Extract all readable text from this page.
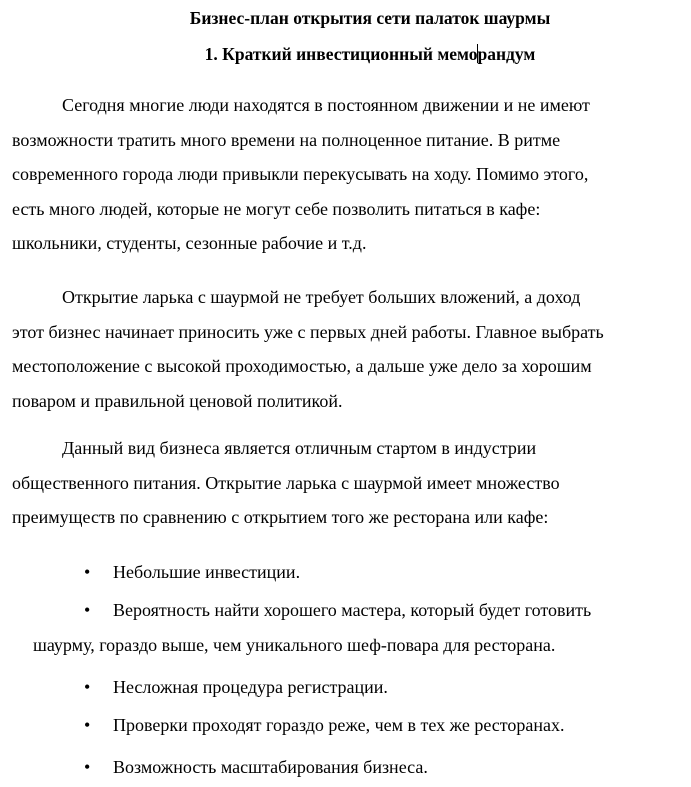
Бизнес-план открытия сети палаток шаурмы
1. Краткий инвестиционный меморандум
Сегодня многие люди находятся в постоянном движении и не имеют
возможности тратить много времени на полноценное питание. В ритме
современного города люди привыкли перекусывать на ходу. Помимо этого,
есть много людей, которые не могут себе позволить питаться в кафе:
школьники, студенты, сезонные рабочие и т.д.
Открытие ларька с шаурмой не требует больших вложений, а доход
этот бизнес начинает приносить уже с первых дней работы. Главное выбрать
местоположение с высокой проходимостью, а дальше уже дело за хорошим
поваром и правильной ценовой политикой.
Данный вид бизнеса является отличным стартом в индустрии
общественного питания. Открытие ларька с шаурмой имеет множество
преимуществ по сравнению с открытием того же ресторана или кафе:
• Небольшие инвестиции.
• Вероятность найти хорошего мастера, который будет готовить
шаурму, гораздо выше, чем уникального шеф-повара для ресторана.
• Несложная процедура регистрации.
• Проверки проходят гораздо реже, чем в тех же ресторанах.
• Возможность масштабирования бизнеса.
